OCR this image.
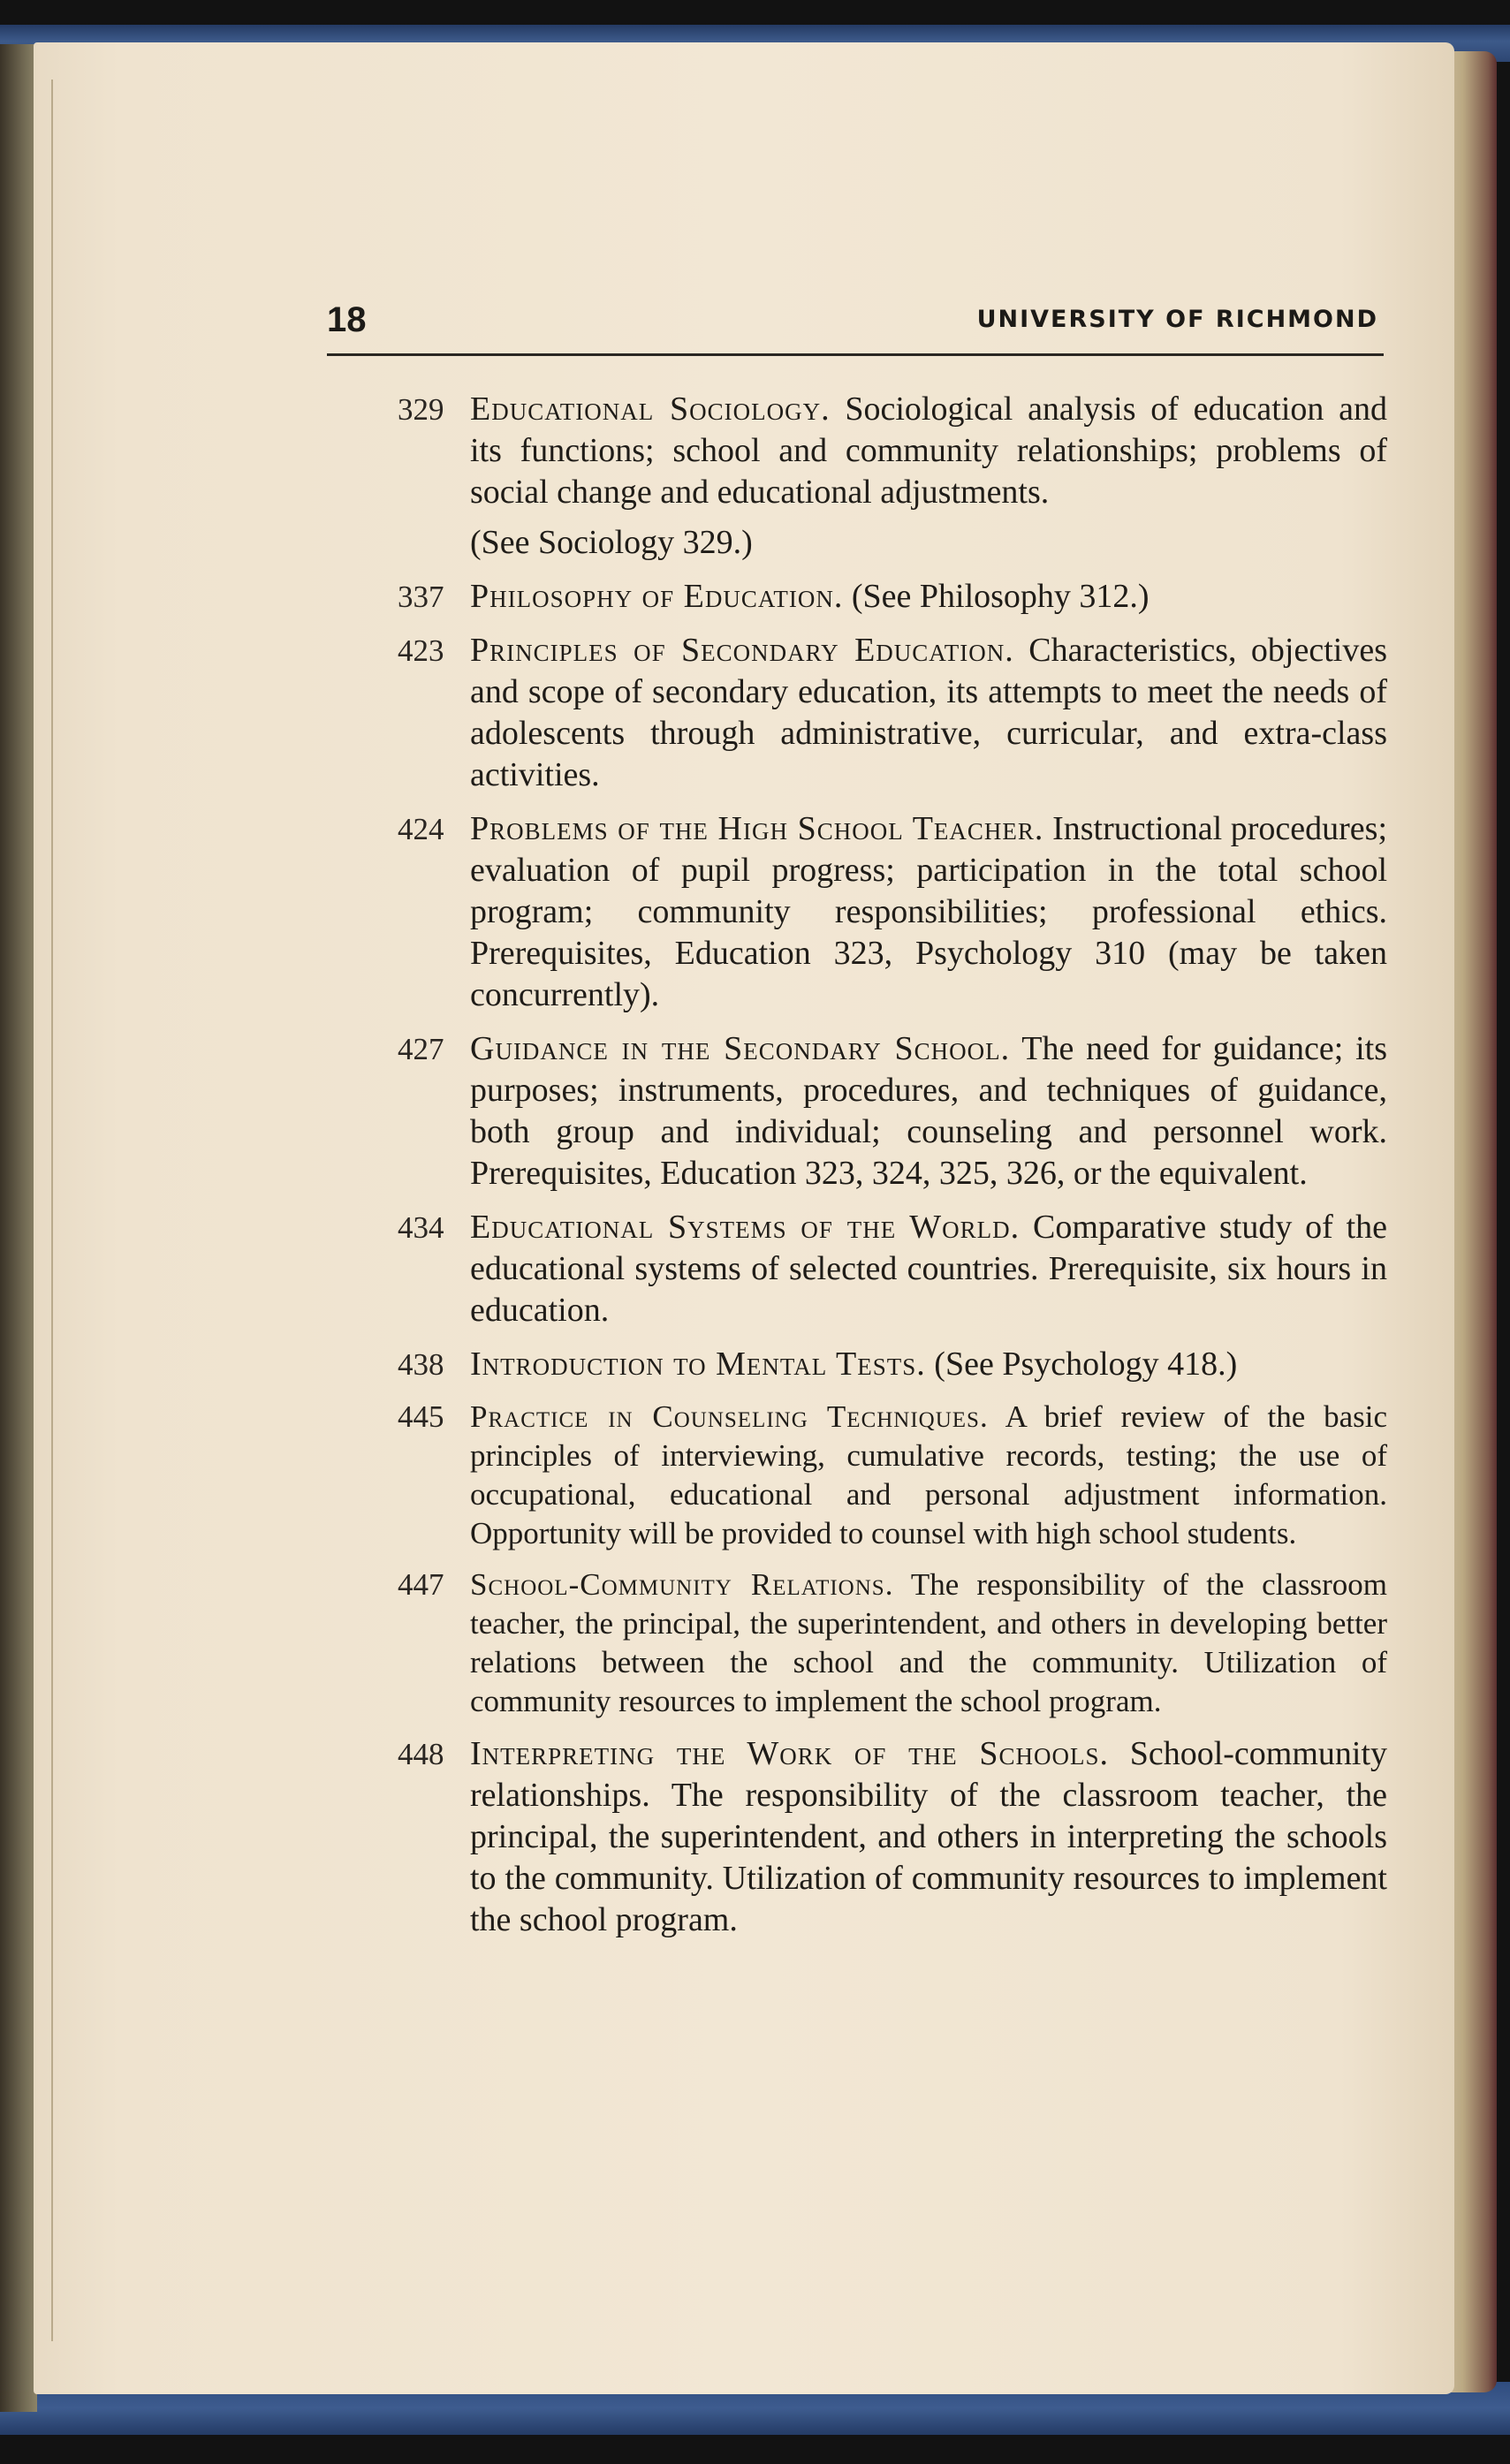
18	UNIVERSITY OF RICHMOND
329 Educational Sociology. Sociological analysis of education and its functions; school and community relationships; problems of social change and educational adjustments.
(See Sociology 329.)
337 Philosophy of Education. (See Philosophy 312.)
423 Principles of Secondary Education. Characteristics, objectives and scope of secondary education, its attempts to meet the needs of adolescents through administrative, curricular, and extra-class activities.
424 Problems of the High School Teacher. Instructional procedures; evaluation of pupil progress; participation in the total school program; community responsibilities; professional ethics. Prerequisites, Education 323, Psychology 310 (may be taken concurrently).
427 Guidance in the Secondary School. The need for guidance; its purposes; instruments, procedures, and techniques of guidance, both group and individual; counseling and personnel work. Prerequisites, Education 323, 324, 325, 326, or the equivalent.
434 Educational Systems of the World. Comparative study of the educational systems of selected countries. Prerequisite, six hours in education.
438 Introduction to Mental Tests. (See Psychology 418.)
445 Practice in Counseling Techniques. A brief review of the basic principles of interviewing, cumulative records, testing; the use of occupational, educational and personal adjustment information. Opportunity will be provided to counsel with high school students.
447 School-Community Relations. The responsibility of the classroom teacher, the principal, the superintendent, and others in developing better relations between the school and the community. Utilization of community resources to implement the school program.
448 Interpreting the Work of the Schools. School-community relationships. The responsibility of the classroom teacher, the principal, the superintendent, and others in interpreting the schools to the community. Utilization of community resources to implement the school program.
